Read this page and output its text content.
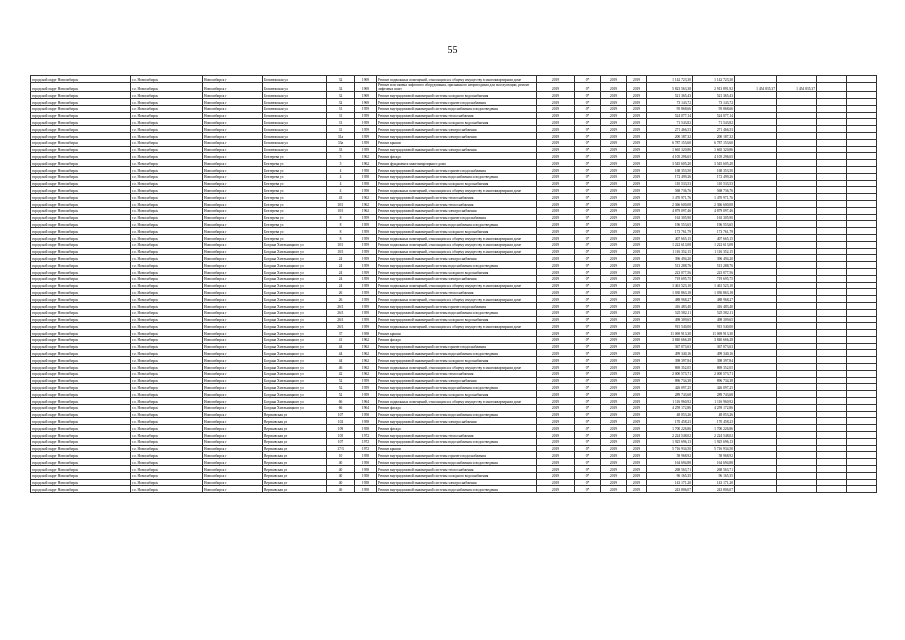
55
городской округ Новосибирск	г.о. Новосибирск	Новосибирск г	Беловежская ул	32	1969	Ремонт подвальных помещений, относящихся к общему имуществу в многоквартирном доме	2019	0*	2019	2019	1 142 723,30	1 142 723,30				
городской округ Новосибирск	г.о. Новосибирск	Новосибирск г	Беловежская ул	32	1969	Ремонт или замена лифтового оборудования, признанного непригодным для эксплуатации, ремонт лифтовых шахт	2019	0*	2019	2019	5 823 563,38	2 913 891,92	1 454 835,37	1 454 835,37		
городской округ Новосибирск	г.о. Новосибирск	Новосибирск г	Беловежская ул	32	1969	Ремонт внутридомовой инженерной системы холодного водоснабжения	2019	0*	2019	2019	521 365,43	521 365,43				
городской округ Новосибирск	г.о. Новосибирск	Новосибирск г	Беловежская ул	32	1969	Ремонт внутридомовой инженерной системы горячего водоснабжения	2019	0*	2019	2019	73 143,72	73 143,72				
городской округ Новосибирск	г.о. Новосибирск	Новосибирск г	Беловежская ул	31	1959	Ремонт внутридомовой инженерной системы водоснабжения и водоотведения	2019	0*	2019	2019	95 868,66	95 868,66				
городской округ Новосибирск	г.о. Новосибирск	Новосибирск г	Беловежская ул	31	1959	Ремонт внутридомовой инженерной системы теплоснабжения	2019	0*	2019	2019	524 077,14	524 077,14				
городской округ Новосибирск	г.о. Новосибирск	Новосибирск г	Беловежская ул	31	1959	Ремонт внутридомовой инженерной системы холодного водоснабжения	2019	0*	2019	2019	71 543,82	71 543,82				
городской округ Новосибирск	г.о. Новосибирск	Новосибирск г	Беловежская ул	31	1959	Ремонт внутридомовой инженерной системы электроснабжения	2019	0*	2019	2019	271 466,53	271 466,53				
городской округ Новосибирск	г.о. Новосибирск	Новосибирск г	Беловежская ул	31а	1959	Ремонт внутридомовой инженерной системы электроснабжения	2019	0*	2019	2019	200 187,32	200 187,32				
городской округ Новосибирск	г.о. Новосибирск	Новосибирск г	Беловежская ул	33а	1959	Ремонт крыши	2019	0*	2019	2019	6 787 153,60	6 787 153,60				
городской округ Новосибирск	г.о. Новосибирск	Новосибирск г	Беловежская ул	33	1959	Ремонт внутридомовой инженерной системы электроснабжения	2019	0*	2019	2019	1 665 320,86	1 665 320,86				
городской округ Новосибирск	г.о. Новосибирск	Новосибирск г	Бехтерева ул	5	1962	Ремонт фасада	2019	0*	2019	2019	4 105 296,65	4 105 296,65				
городской округ Новосибирск	г.о. Новосибирск	Новосибирск г	Бехтерева ул	5	1962	Ремонт фундамента многоквартирного дома	2019	0*	2019	2019	3 545 605,20	3 545 605,20				
городской округ Новосибирск	г.о. Новосибирск	Новосибирск г	Бехтерева ул	4	1958	Ремонт внутридомовой инженерной системы горячего водоснабжения	2019	0*	2019	2019	168 353,50	168 353,50				
городской округ Новосибирск	г.о. Новосибирск	Новосибирск г	Бехтерева ул	4	1958	Ремонт внутридомовой инженерной системы водоснабжения и водоотведения	2019	0*	2019	2019	172 499,26	172 499,26				
городской округ Новосибирск	г.о. Новосибирск	Новосибирск г	Бехтерева ул	4	1958	Ремонт внутридомовой инженерной системы холодного водоснабжения	2019	0*	2019	2019	110 533,53	110 533,53				
городской округ Новосибирск	г.о. Новосибирск	Новосибирск г	Бехтерева ул	4	1958	Ремонт подвальных помещений, относящихся к общему имуществу в многоквартирном доме	2019	0*	2019	2019	568 736,76	568 736,76				
городской округ Новосибирск	г.о. Новосибирск	Новосибирск г	Бехтерева ул	43	1962	Ремонт внутридомовой инженерной системы теплоснабжения	2019	0*	2019	2019	1 470 971,76	1 470 971,76				
городской округ Новосибирск	г.о. Новосибирск	Новосибирск г	Бехтерева ул	10/1	1962	Ремонт внутридомовой инженерной системы теплоснабжения	2019	0*	2019	2019	2 366 600,08	2 366 600,08				
городской округ Новосибирск	г.о. Новосибирск	Новосибирск г	Бехтерева ул	10/1	1962	Ремонт внутридомовой инженерной системы электроснабжения	2019	0*	2019	2019	4 879 097,46	4 879 097,46				
городской округ Новосибирск	г.о. Новосибирск	Новосибирск г	Бехтерева ул	8	1959	Ремонт внутридомовой инженерной системы горячего водоснабжения	2019	0*	2019	2019	163 305,90	163 305,90				
городской округ Новосибирск	г.о. Новосибирск	Новосибирск г	Бехтерева ул	8	1959	Ремонт внутридомовой инженерной системы водоснабжения и водоотведения	2019	0*	2019	2019	196 553,65	196 553,65				
городской округ Новосибирск	г.о. Новосибирск	Новосибирск г	Бехтерева ул	8	1959	Ремонт внутридомовой инженерной системы холодного водоснабжения	2019	0*	2019	2019	173 761,79	173 761,79				
городской округ Новосибирск	г.о. Новосибирск	Новосибирск г	Бехтерева ул	8	1959	Ремонт подвальных помещений, относящихся к общему имуществу в многоквартирном доме	2019	0*	2019	2019	407 665,15	407 665,15				
городской округ Новосибирск	г.о. Новосибирск	Новосибирск г	Богдана Хмельницкого ул	10/1	1959	Ремонт подвальных помещений, относящихся к общему имуществу в многоквартирном доме	2019	0*	2019	2019	1 222 613,08	1 222 613,08				
городской округ Новосибирск	г.о. Новосибирск	Новосибирск г	Богдана Хмельницкого ул	10/1	1959	Ремонт подвальных помещений, относящихся к общему имуществу в многоквартирном доме	2019	0*	2019	2019	1 116 352,15	1 116 352,15				
городской округ Новосибирск	г.о. Новосибирск	Новосибирск г	Богдана Хмельницкого ул	24	1959	Ремонт внутридомовой инженерной системы электроснабжения	2019	0*	2019	2019	396 494,20	396 494,20				
городской округ Новосибирск	г.о. Новосибирск	Новосибирск г	Богдана Хмельницкого ул	24	1959	Ремонт внутридомовой инженерной системы водоснабжения и водоотведения	2019	0*	2019	2019	513 288,76	513 288,76				
городской округ Новосибирск	г.о. Новосибирск	Новосибирск г	Богдана Хмельницкого ул	24	1959	Ремонт внутридомовой инженерной системы холодного водоснабжения	2019	0*	2019	2019	223 077,56	223 077,56				
городской округ Новосибирск	г.о. Новосибирск	Новосибирск г	Богдана Хмельницкого ул	24	1959	Ремонт внутридомовой инженерной системы электроснабжения	2019	0*	2019	2019	719 695,75	719 695,75				
городской округ Новосибирск	г.о. Новосибирск	Новосибирск г	Богдана Хмельницкого ул	24	1959	Ремонт подвальных помещений, относящихся к общему имуществу в многоквартирном доме	2019	0*	2019	2019	1 461 523,10	1 461 523,10				
городской округ Новосибирск	г.о. Новосибирск	Новосибирск г	Богдана Хмельницкого ул	26	1959	Ремонт внутридомовой инженерной системы теплоснабжения	2019	0*	2019	2019	1 030 863,18	1 030 863,18				
городской округ Новосибирск	г.о. Новосибирск	Новосибирск г	Богдана Хмельницкого ул	26	1959	Ремонт подвальных помещений, относящихся к общему имуществу в многоквартирном доме	2019	0*	2019	2019	488 968,27	488 968,27				
городской округ Новосибирск	г.о. Новосибирск	Новосибирск г	Богдана Хмельницкого ул	26/1	1959	Ремонт внутридомовой инженерной системы горячего водоснабжения	2019	0*	2019	2019	416 483,40	416 483,40				
городской округ Новосибирск	г.о. Новосибирск	Новосибирск г	Богдана Хмельницкого ул	26/1	1959	Ремонт внутридомовой инженерной системы водоснабжения и водоотведения	2019	0*	2019	2019	525 582,11	525 582,11				
городской округ Новосибирск	г.о. Новосибирск	Новосибирск г	Богдана Хмельницкого ул	26/1	1959	Ремонт внутридомовой инженерной системы холодного водоснабжения	2019	0*	2019	2019	498 309,65	498 309,65				
городской округ Новосибирск	г.о. Новосибирск	Новосибирск г	Богдана Хмельницкого ул	26/1	1959	Ремонт подвальных помещений, относящихся к общему имуществу в многоквартирном доме	2019	0*	2019	2019	915 540,00	915 540,00				
городской округ Новосибирск	г.о. Новосибирск	Новосибирск г	Богдана Хмельницкого ул	37	1958	Ремонт крыши	2019	0*	2019	2019	11 069 913,30	11 069 913,30				
городской округ Новосибирск	г.о. Новосибирск	Новосибирск г	Богдана Хмельницкого ул	41	1962	Ремонт фасада	2019	0*	2019	2019	3 840 666,28	3 840 666,28				
городской округ Новосибирск	г.о. Новосибирск	Новосибирск г	Богдана Хмельницкого ул	44	1962	Ремонт внутридомовой инженерной системы горячего водоснабжения	2019	0*	2019	2019	367 073,63	367 073,63				
городской округ Новосибирск	г.о. Новосибирск	Новосибирск г	Богдана Хмельницкого ул	44	1962	Ремонт внутридомовой инженерной системы водоснабжения и водоотведения	2019	0*	2019	2019	499 340,16	499 340,16				
городской округ Новосибирск	г.о. Новосибирск	Новосибирск г	Богдана Хмельницкого ул	44	1962	Ремонт внутридомовой инженерной системы холодного водоснабжения	2019	0*	2019	2019	398 397,84	398 397,84				
городской округ Новосибирск	г.о. Новосибирск	Новосибирск г	Богдана Хмельницкого ул	46	1962	Ремонт подвальных помещений, относящихся к общему имуществу в многоквартирном доме	2019	0*	2019	2019	869 352,05	869 352,05				
городской округ Новосибирск	г.о. Новосибирск	Новосибирск г	Богдана Хмельницкого ул	42	1962	Ремонт внутридомовой инженерной системы теплоснабжения	2019	0*	2019	2019	2 000 573,71	2 000 573,71				
городской округ Новосибирск	г.о. Новосибирск	Новосибирск г	Богдана Хмельницкого ул	52	1959	Ремонт внутридомовой инженерной системы электроснабжения	2019	0*	2019	2019	896 734,38	896 734,38				
городской округ Новосибирск	г.о. Новосибирск	Новосибирск г	Богдана Хмельницкого ул	52	1959	Ремонт внутридомовой инженерной системы водоснабжения и водоотведения	2019	0*	2019	2019	426 097,25	426 097,25				
городской округ Новосибирск	г.о. Новосибирск	Новосибирск г	Богдана Хмельницкого ул	52	1959	Ремонт внутридомовой инженерной системы холодного водоснабжения	2019	0*	2019	2019	289 743,68	289 743,68				
городской округ Новосибирск	г.о. Новосибирск	Новосибирск г	Богдана Хмельницкого ул	66	1964	Ремонт подвальных помещений, относящихся к общему имуществу в многоквартирном доме	2019	0*	2019	2019	1 116 960,92	1 116 960,92				
городской округ Новосибирск	г.о. Новосибирск	Новосибирск г	Богдана Хмельницкого ул	66	1964	Ремонт фасада	2019	0*	2019	2019	4 259 172,86	4 259 172,86				
городской округ Новосибирск	г.о. Новосибирск	Новосибирск г	Вертковская ул	107	1958	Ремонт внутридомовой инженерной системы водоснабжения и водоотведения	2019	0*	2019	2019	48 053,26	48 053,26				
городской округ Новосибирск	г.о. Новосибирск	Новосибирск г	Вертковская ул	102	1958	Ремонт внутридомовой инженерной системы электроснабжения	2019	0*	2019	2019	170 458,23	170 458,23				
городской округ Новосибирск	г.о. Новосибирск	Новосибирск г	Вертковская ул	109	1958	Ремонт фасада	2019	0*	2019	2019	1 700 226,86	1 700 226,86				
городской округ Новосибирск	г.о. Новосибирск	Новосибирск г	Вертковская ул	105	1972	Ремонт внутридомовой инженерной системы теплоснабжения	2019	0*	2019	2019	2 224 548,02	2 224 548,02				
городской округ Новосибирск	г.о. Новосибирск	Новосибирск г	Вертковская ул	107	1972	Ремонт внутридомовой инженерной системы водоснабжения и водоотведения	2019	0*	2019	2019	1 925 696,13	1 925 696,13				
городской округ Новосибирск	г.о. Новосибирск	Новосибирск г	Вертковская ул	17/3	1972	Ремонт крыши	2019	0*	2019	2019	5 716 934,50	5 716 934,50				
городской округ Новосибирск	г.о. Новосибирск	Новосибирск г	Вертковская ул	10	1958	Ремонт внутридомовой инженерной системы горячего водоснабжения	2019	0*	2019	2019	58 968,92	58 968,92				
городской округ Новосибирск	г.о. Новосибирск	Новосибирск г	Вертковская ул	40	1958	Ремонт внутридомовой инженерной системы водоснабжения и водоотведения	2019	0*	2019	2019	164 694,88	164 694,88				
городской округ Новосибирск	г.о. Новосибирск	Новосибирск г	Вертковская ул	40	1958	Ремонт внутридомовой инженерной системы теплоснабжения	2019	0*	2019	2019	268 563,71	268 563,71				
городской округ Новосибирск	г.о. Новосибирск	Новосибирск г	Вертковская ул	40	1958	Ремонт внутридомовой инженерной системы холодного водоснабжения	2019	0*	2019	2019	96 165,35	96 165,35				
городской округ Новосибирск	г.о. Новосибирск	Новосибирск г	Вертковская ул	40	1958	Ремонт внутридомовой инженерной системы электроснабжения	2019	0*	2019	2019	143 171,20	143 171,20				
городской округ Новосибирск	г.о. Новосибирск	Новосибирск г	Вертковская ул	46	1958	Ремонт внутридомовой инженерной системы водоснабжения и водоотведения	2019	0*	2019	2019	243 806,07	243 806,07				
